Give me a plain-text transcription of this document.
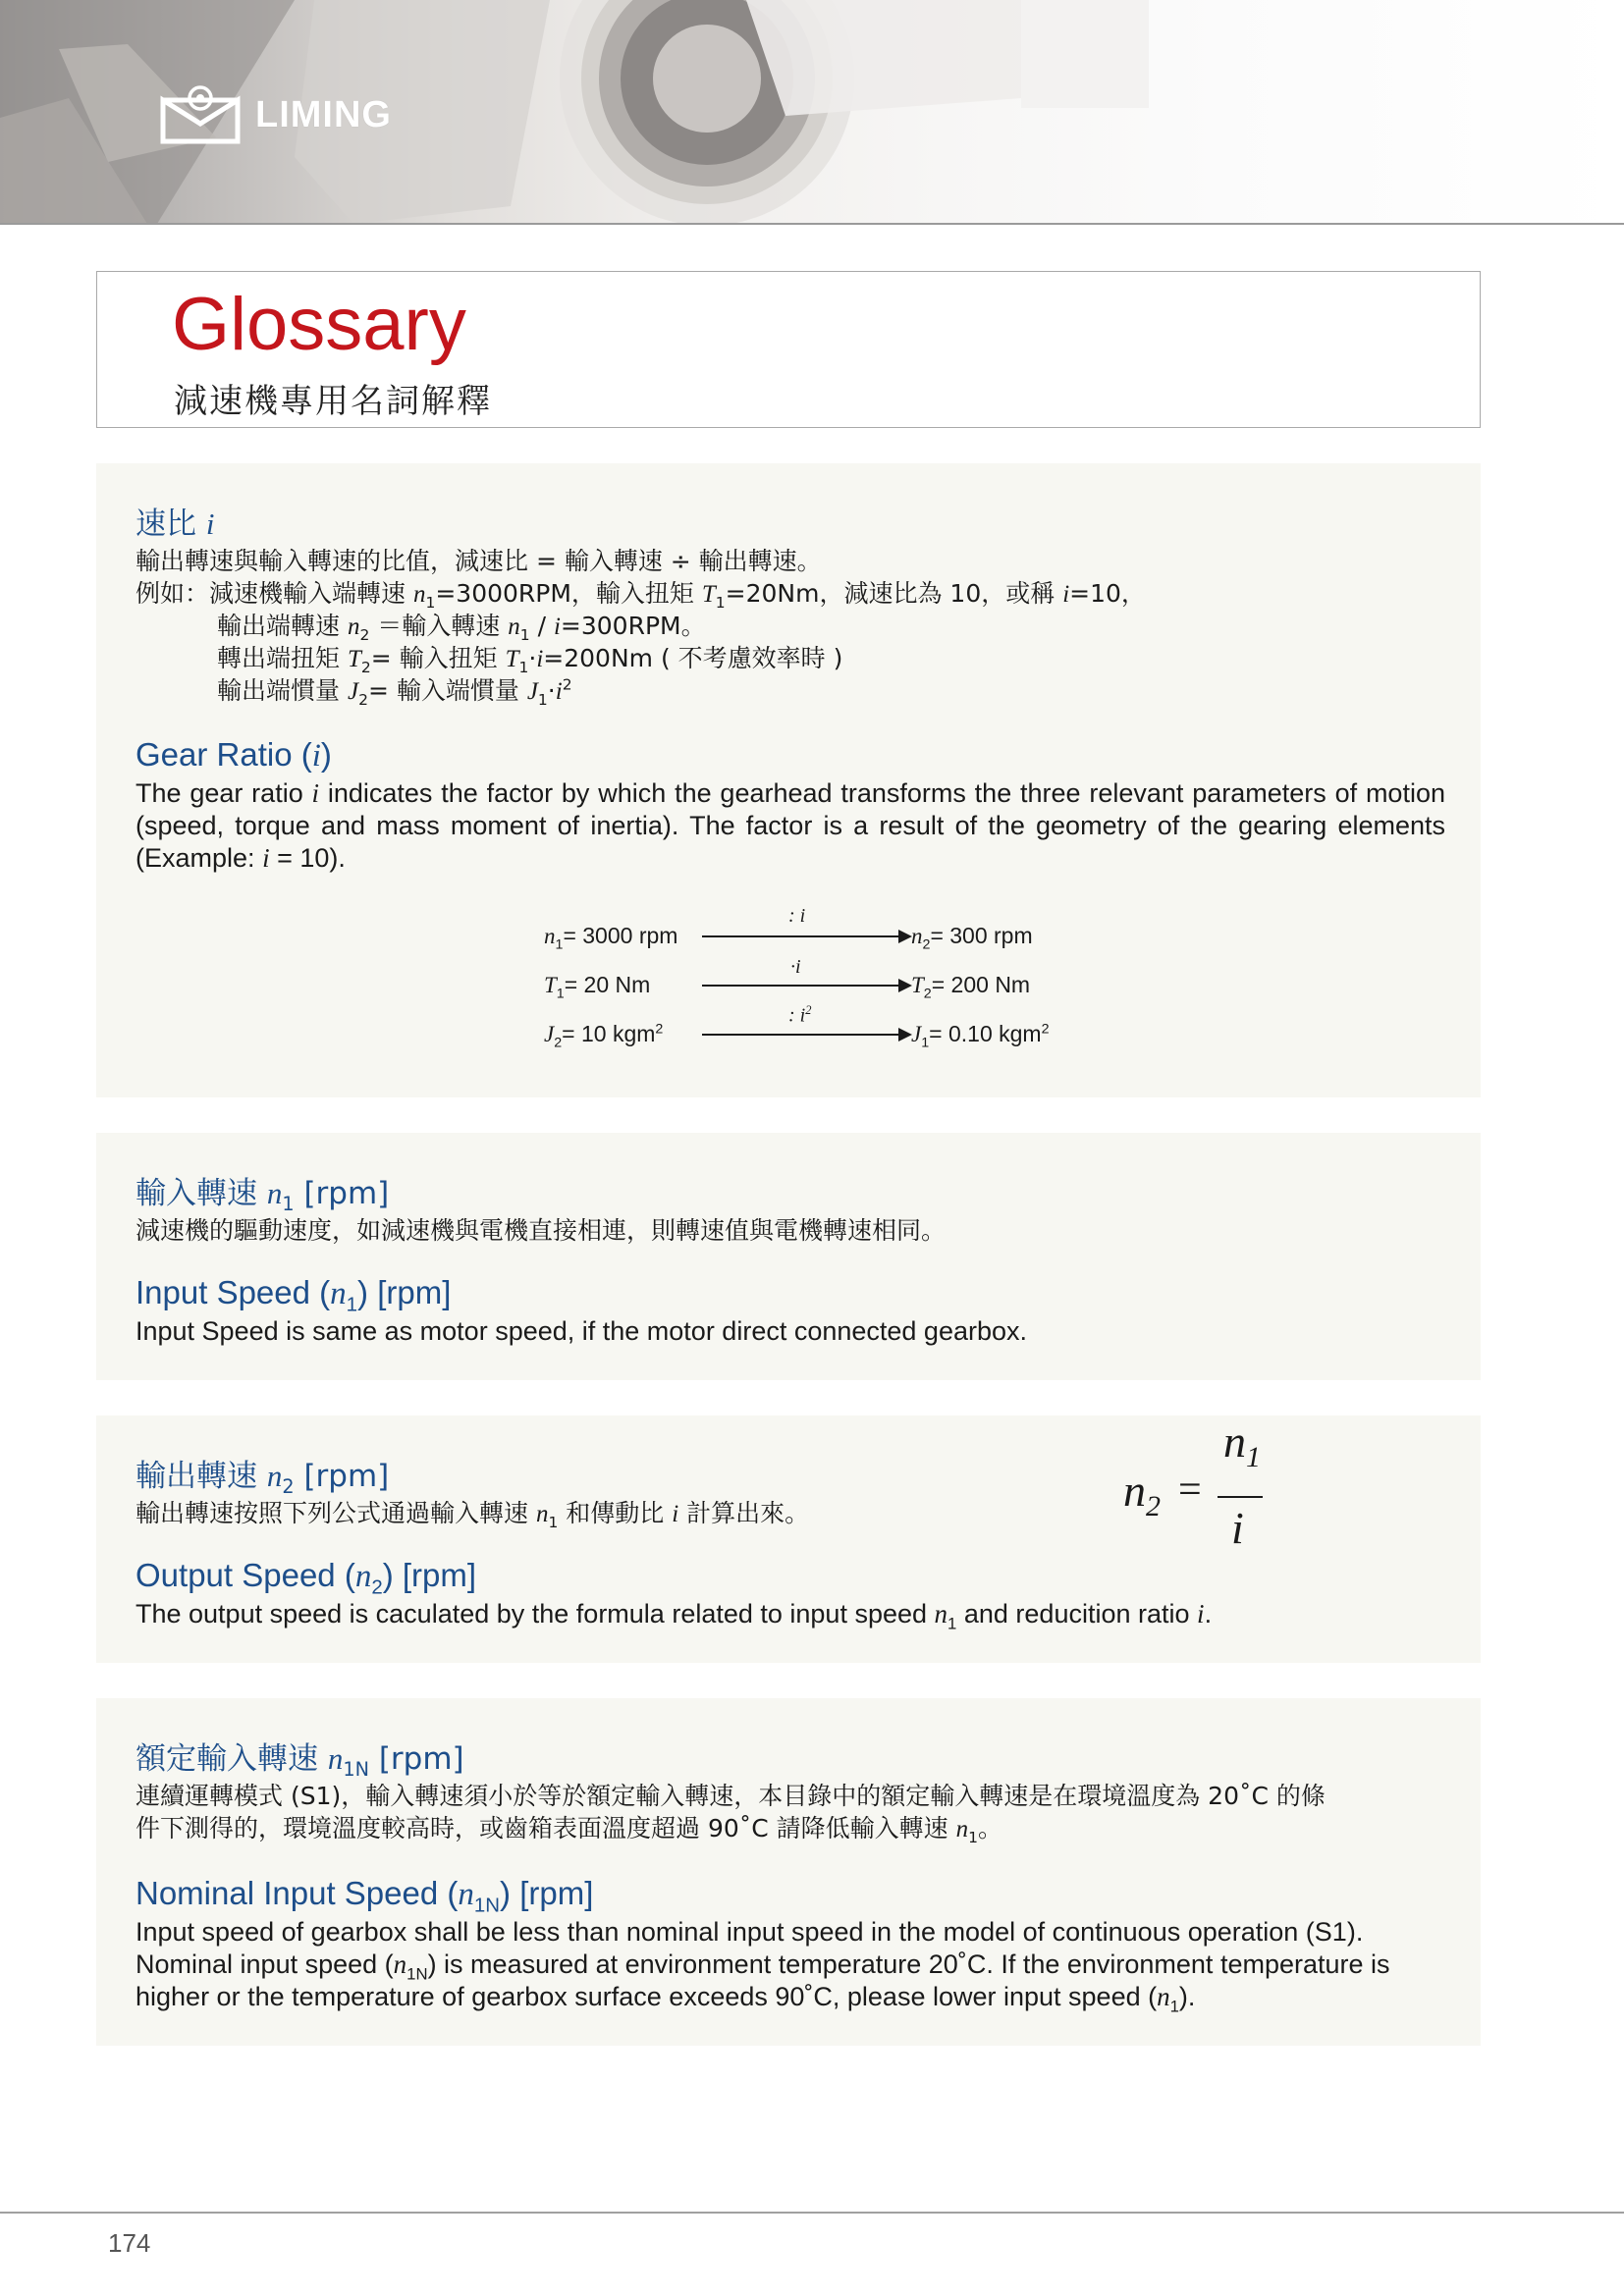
LIMING
Glossary
減速機專用名詞解釋
速比 i
輸出轉速與輸入轉速的比值，減速比 = 輸入轉速 ÷ 輸出轉速。
例如：減速機輸入端轉速 $n_1=3000RPM$，輸入扭矩 $T_1=20Nm$，減速比為 10，或稱 i=10，
輸出端轉速 $n_2$ ＝輸入轉速 $n_1 / i=300RPM$。
轉出端扭矩 $T_2=$ 輸入扭矩 $T_1\cdot i=200Nm$ ( 不考慮效率時 )
輸出端慣量 $J_2=$ 輸入端慣量 $J_1\cdot i^2$
Gear Ratio (i)
The gear ratio i indicates the factor by which the gearhead transforms the three relevant parameters of motion (speed, torque and mass moment of inertia). The factor is a result of the geometry of the gearing elements (Example: i = 10).
$n_1= 3000$ rpm
: i
$n_2= 300$ rpm
$T_1= 20$ Nm
·i
$T_2= 200$ Nm
$J_2= 10$ kgm$^2$
: $i^2$
$J_1= 0.10$ kgm$^2$
輸入轉速 $n_1$ [rpm]
減速機的驅動速度，如減速機與電機直接相連，則轉速值與電機轉速相同。
Input Speed $(n_1)$ [rpm]
Input Speed is same as motor speed, if the motor direct connected gearbox.
輸出轉速 $n_2$ [rpm]
輸出轉速按照下列公式通過輸入轉速 $n_1$ 和傳動比 i 計算出來。
Output Speed $(n_2)$ [rpm]
The output speed is caculated by the formula related to input speed $n_1$ and reducition ratio i.
$n_2$ =
$n_1$
i
額定輸入轉速 $n_{1N}$ [rpm]
連續運轉模式 (S1)，輸入轉速須小於等於額定輸入轉速，本目錄中的額定輸入轉速是在環境溫度為 20˚C 的條
件下測得的，環境溫度較高時，或齒箱表面溫度超過 90˚C 請降低輸入轉速 $n_1$。
Nominal Input Speed $(n_{1N})$ [rpm]
Input speed of gearbox shall be less than nominal input speed in the model of continuous operation (S1).
Nominal input speed $(n_{1N})$ is measured at environment temperature 20˚C. If the environment temperature is
higher or the temperature of gearbox surface exceeds 90˚C, please lower input speed $(n_1)$.
174
